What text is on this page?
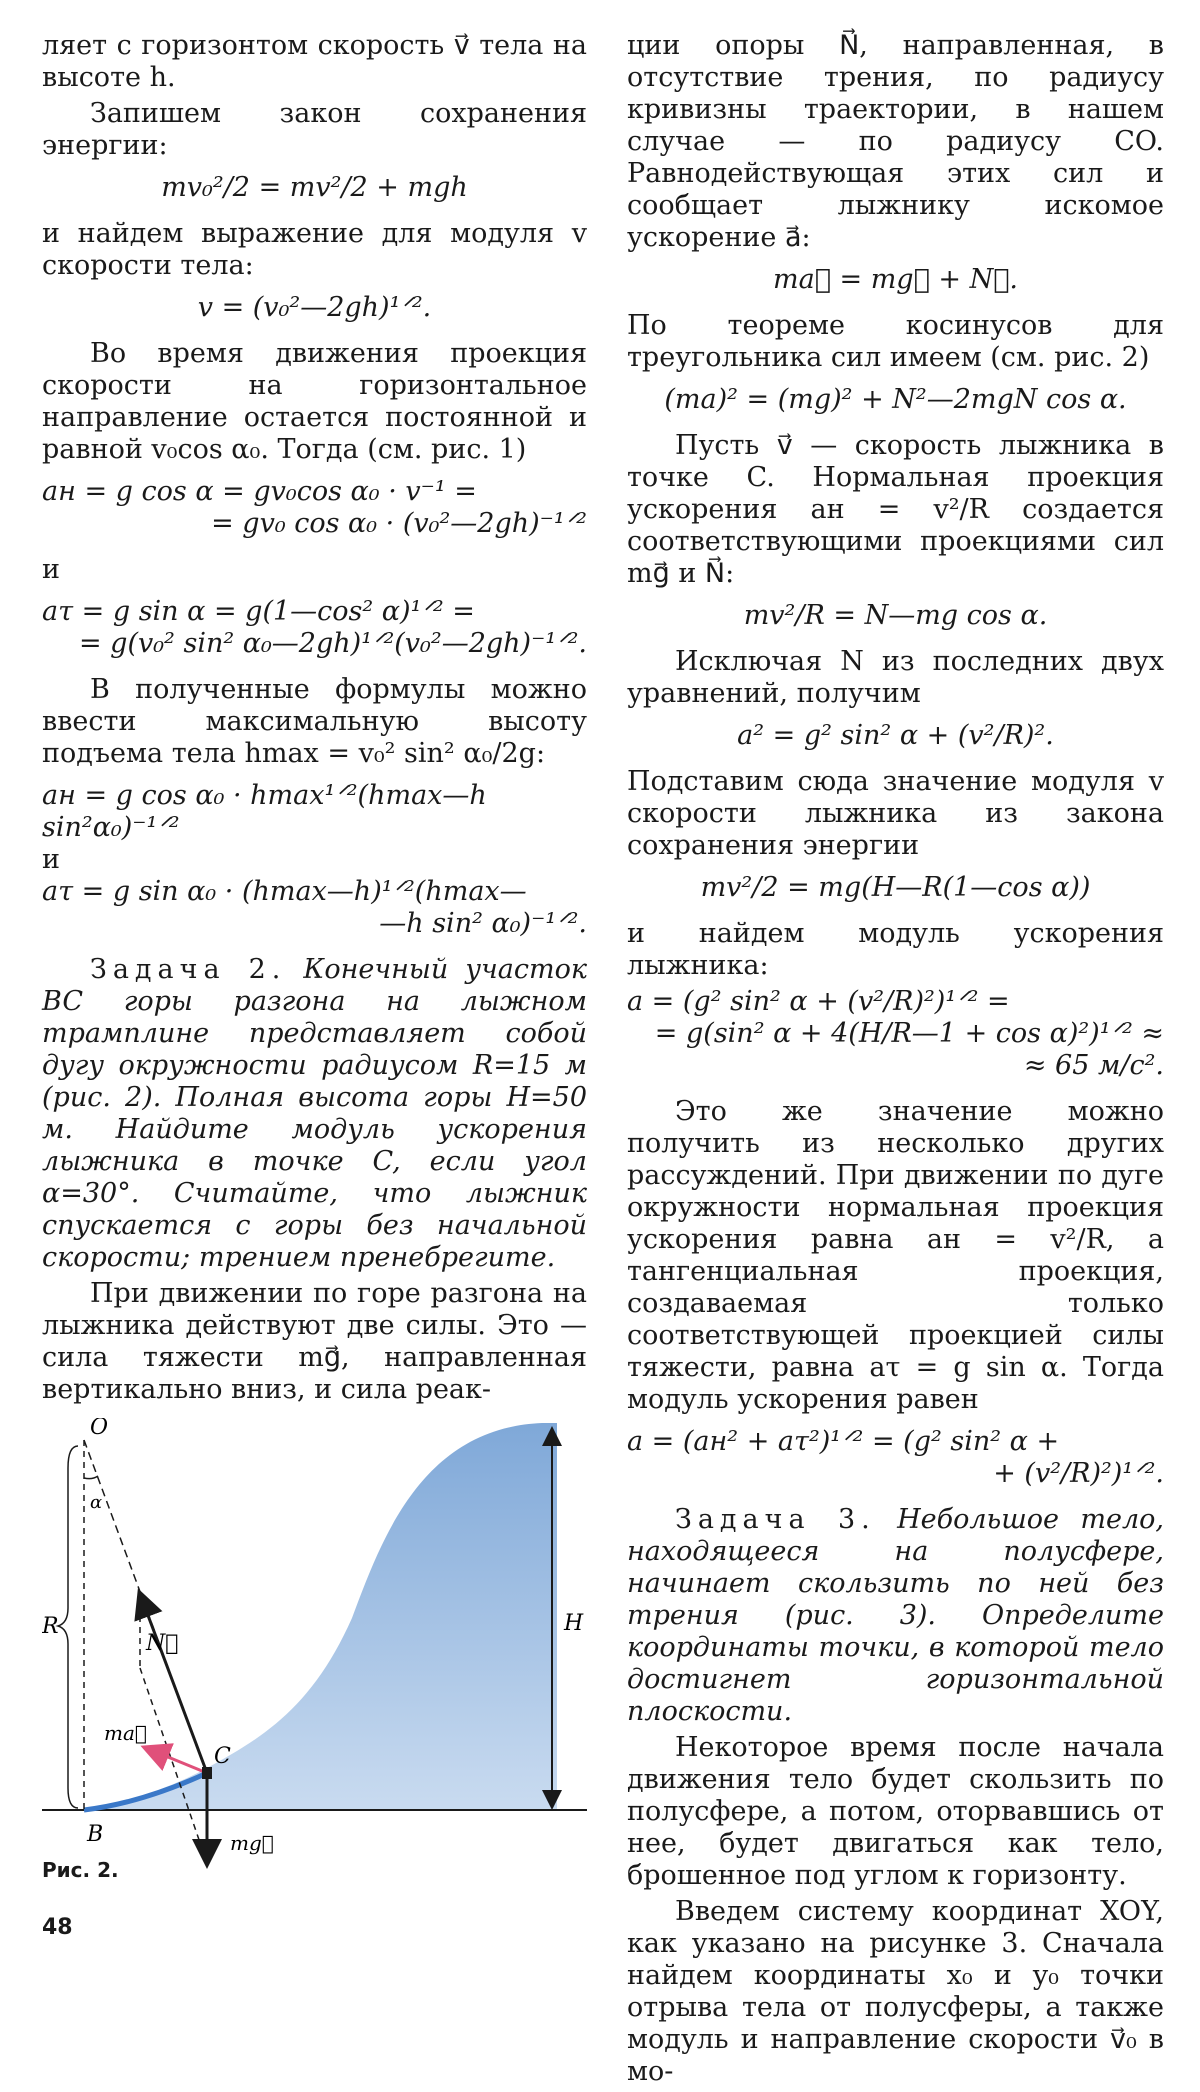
ляет с горизонтом скорость v⃗ тела на высоте h.

Запишем закон сохранения энергии:

mv₀²/2 = mv²/2 + mgh

и найдем выражение для модуля v скорости тела:

v = (v₀²—2gh)¹ᐟ².

Во время движения проекция скорости на горизонтальное направление остается постоянной и равной v₀cos α₀. Тогда (см. рис. 1)

aн = g cos α = gv₀cos α₀ · v⁻¹ =
= gv₀ cos α₀ · (v₀²—2gh)⁻¹ᐟ²

и

aτ = g sin α = g(1—cos² α)¹ᐟ² =
= g(v₀² sin² α₀—2gh)¹ᐟ²(v₀²—2gh)⁻¹ᐟ².

В полученные формулы можно ввести максимальную высоту подъема тела hmax = v₀² sin² α₀/2g:

aн = g cos α₀ · hmax¹ᐟ²(hmax—h sin²α₀)⁻¹ᐟ²

и

aτ = g sin α₀ · (hmax—h)¹ᐟ²(hmax—
—h sin² α₀)⁻¹ᐟ².

Задача 2. Конечный участок BC горы разгона на лыжном трамплине представляет собой дугу окружности радиусом R=15 м (рис. 2). Полная высота горы H=50 м. Найдите модуль ускорения лыжника в точке C, если угол α=30°. Считайте, что лыжник спускается с горы без начальной скорости; трением пренебрегите.

При движении по горе разгона на лыжника действуют две силы. Это — сила тяжести mg⃗, направленная вертикально вниз, и сила реак-

ции опоры N⃗, направленная, в отсутствие трения, по радиусу кривизны траектории, в нашем случае — по радиусу CO. Равнодействующая этих сил и сообщает лыжнику искомое ускорение a⃗:

ma⃗ = mg⃗ + N⃗.

По теореме косинусов для треугольника сил имеем (см. рис. 2)

(ma)² = (mg)² + N²—2mgN cos α.

Пусть v⃗ — скорость лыжника в точке C. Нормальная проекция ускорения aн = v²/R создается соответствующими проекциями сил mg⃗ и N⃗:

mv²/R = N—mg cos α.

Исключая N из последних двух уравнений, получим

a² = g² sin² α + (v²/R)².

Подставим сюда значение модуля v скорости лыжника из закона сохранения энергии

mv²/2 = mg(H—R(1—cos α))

и найдем модуль ускорения лыжника:

a = (g² sin² α + (v²/R)²)¹ᐟ² =
= g(sin² α + 4(H/R—1 + cos α)²)¹ᐟ² ≈
≈ 65 м/с².

Это же значение можно получить из несколько других рассуждений. При движении по дуге окружности нормальная проекция ускорения равна aн = v²/R, а тангенциальная проекция, создаваемая только соответствующей проекцией силы тяжести, равна aτ = g sin α. Тогда модуль ускорения равен

a = (aн² + aτ²)¹ᐟ² = (g² sin² α +
+ (v²/R)²)¹ᐟ².

Задача 3. Небольшое тело, находящееся на полусфере, начинает скользить по ней без трения (рис. 3). Определите координаты точки, в которой тело достигнет горизонтальной плоскости.

Некоторое время после начала движения тело будет скользить по полусфере, а потом, оторвавшись от нее, будет двигаться как тело, брошенное под углом к горизонту.

Введем систему координат XOY, как указано на рисунке 3. Сначала найдем координаты x₀ и y₀ точки отрыва тела от полусферы, а также модуль и направление скорости v⃗₀ в мо-

O
α
N⃗
R
ma⃗
C
B	mg⃗
H
Рис. 2.
48
